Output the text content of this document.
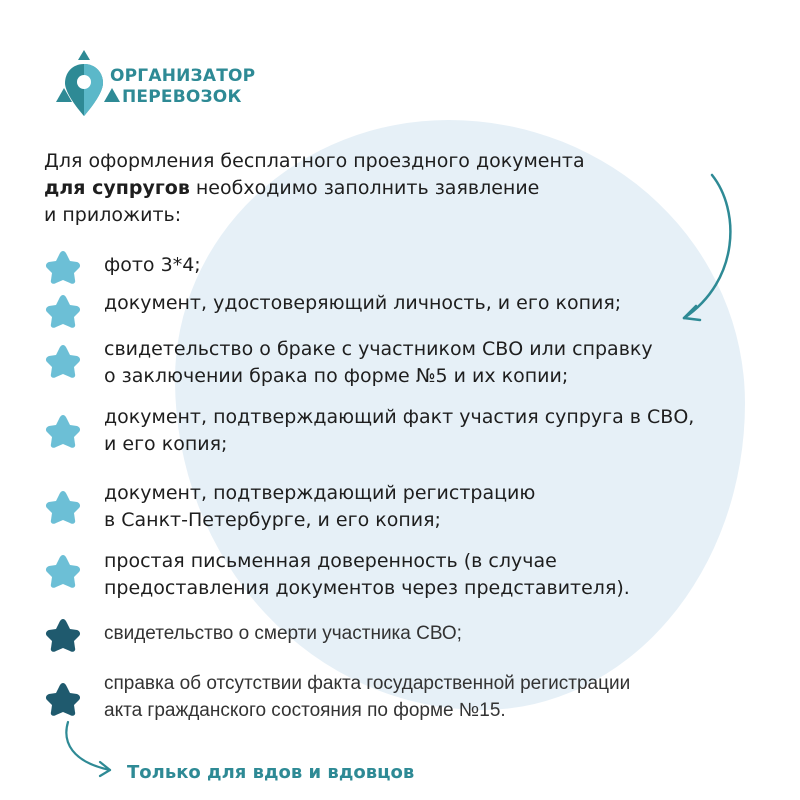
ОРГАНИЗАТОР
ПЕРЕВОЗОК
Для оформления бесплатного проездного документа
для супругов необходимо заполнить заявление
и приложить:
фото 3*4;
документ, удостоверяющий личность, и его копия;
свидетельство о браке с участником СВО или справку
о заключении брака по форме №5 и их копии;
документ, подтверждающий факт участия супруга в СВО,
и его копия;
документ, подтверждающий регистрацию
в Санкт-Петербурге, и его копия;
простая письменная доверенность (в случае
предоставления документов через представителя).
свидетельство о смерти участника СВО;
справка об отсутствии факта государственной регистрации
акта гражданского состояния по форме №15.
Только для вдов и вдовцов
